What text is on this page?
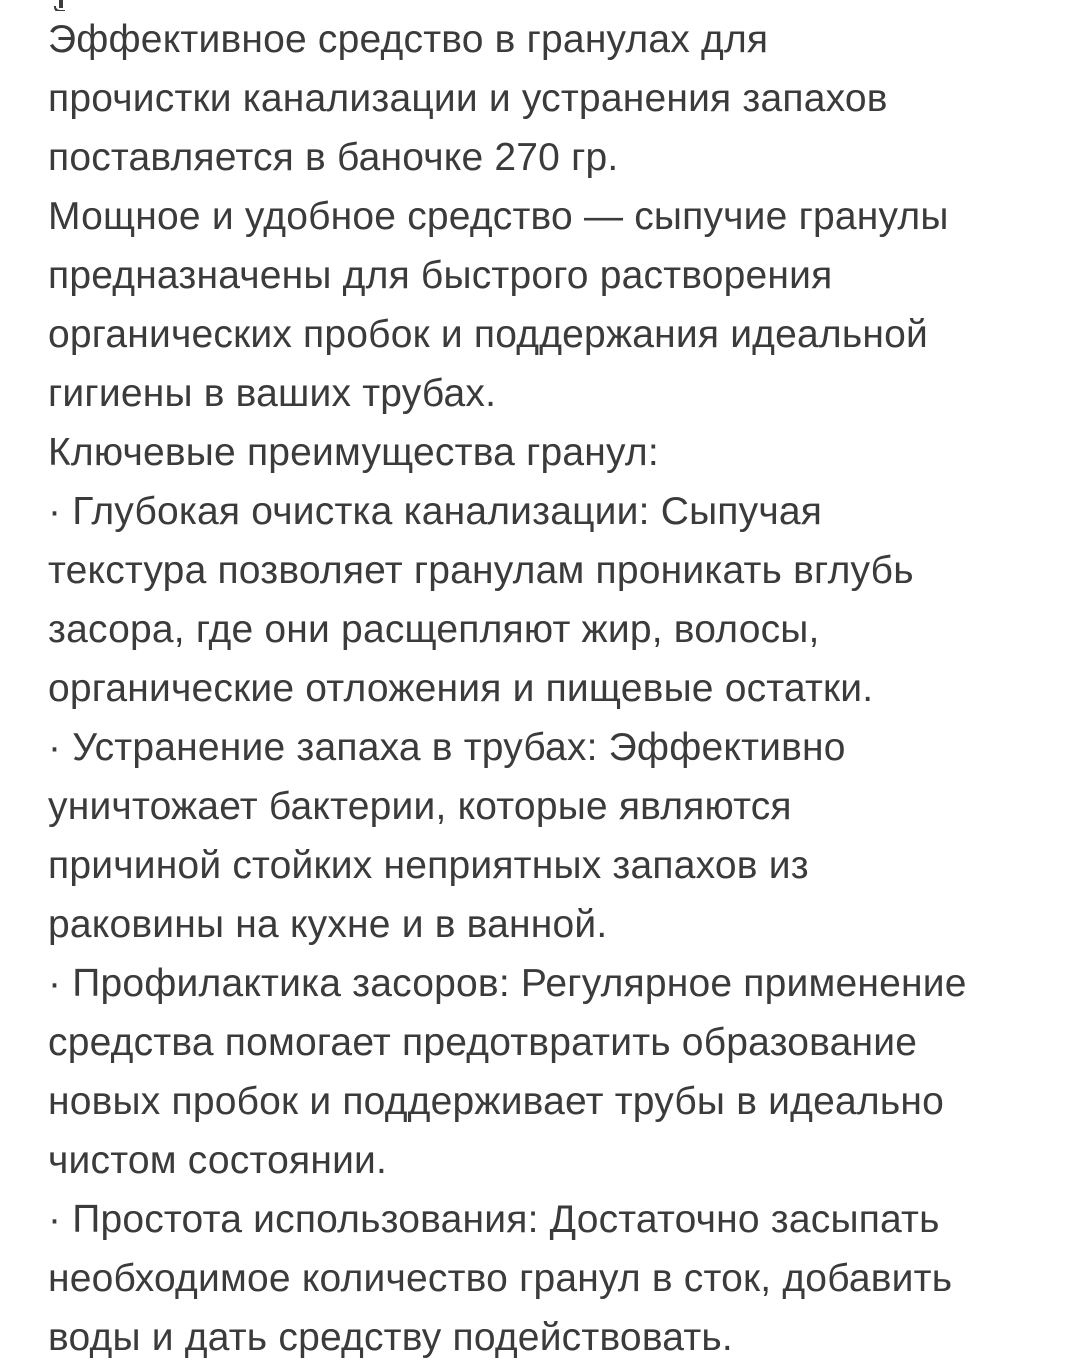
Эффективное средство в гранулах для
прочистки канализации и устранения запахов
поставляется в баночке 270 гр.
Мощное и удобное средство — сыпучие гранулы
предназначены для быстрого растворения
органических пробок и поддержания идеальной
гигиены в ваших трубах.
Ключевые преимущества гранул:
· Глубокая очистка канализации: Сыпучая
текстура позволяет гранулам проникать вглубь
засора, где они расщепляют жир, волосы,
органические отложения и пищевые остатки.
· Устранение запаха в трубах: Эффективно
уничтожает бактерии, которые являются
причиной стойких неприятных запахов из
раковины на кухне и в ванной.
· Профилактика засоров: Регулярное применение
средства помогает предотвратить образование
новых пробок и поддерживает трубы в идеально
чистом состоянии.
· Простота использования: Достаточно засыпать
необходимое количество гранул в сток, добавить
воды и дать средству подействовать.
